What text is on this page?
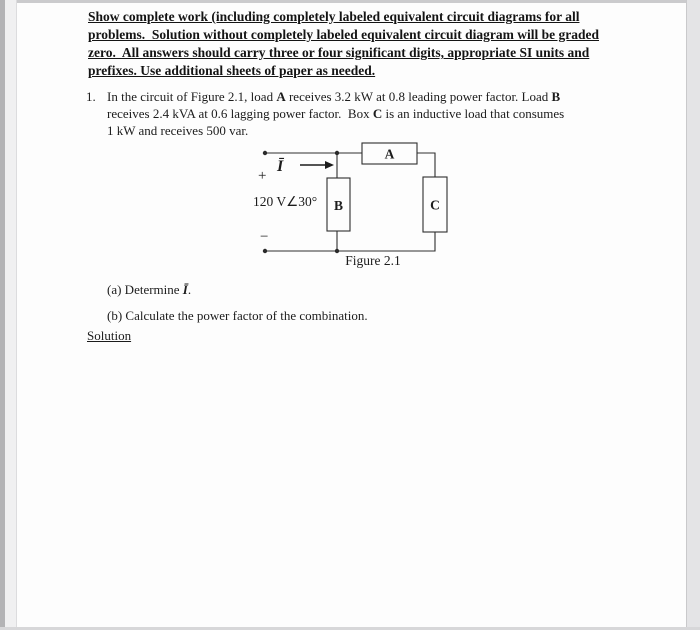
Show complete work (including completely labeled equivalent circuit diagrams for all
problems.  Solution without completely labeled equivalent circuit diagram will be graded
zero.  All answers should carry three or four significant digits, appropriate SI units and
prefixes. Use additional sheets of paper as needed.
1. In the circuit of Figure 2.1, load A receives 3.2 kW at 0.8 leading power factor. Load B
receives 2.4 kVA at 0.6 lagging power factor.  Box C is an inductive load that consumes
1 kW and receives 500 var.
A
B	C
Ī
+
120 V∠30°
−
Figure 2.1
(a) Determine Ī.
(b) Calculate the power factor of the combination.
Solution
